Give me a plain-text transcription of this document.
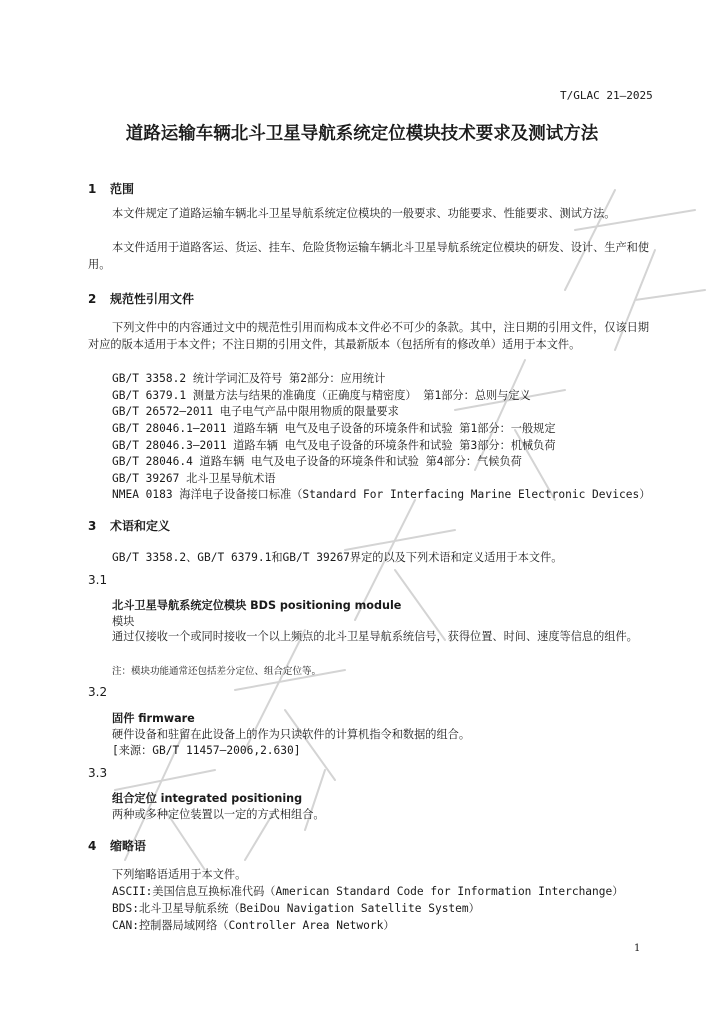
T/GLAC 21—2025
道路运输车辆北斗卫星导航系统定位模块技术要求及测试方法
1 范围
本文件规定了道路运输车辆北斗卫星导航系统定位模块的一般要求、功能要求、性能要求、测试方法。
本文件适用于道路客运、货运、挂车、危险货物运输车辆北斗卫星导航系统定位模块的研发、设计、生产和使用。
2 规范性引用文件
下列文件中的内容通过文中的规范性引用而构成本文件必不可少的条款。其中，注日期的引用文件，仅该日期对应的版本适用于本文件；不注日期的引用文件，其最新版本（包括所有的修改单）适用于本文件。
GB/T 3358.2 统计学词汇及符号 第2部分：应用统计
GB/T 6379.1 测量方法与结果的准确度（正确度与精密度） 第1部分：总则与定义
GB/T 26572—2011 电子电气产品中限用物质的限量要求
GB/T 28046.1—2011 道路车辆 电气及电子设备的环境条件和试验 第1部分：一般规定
GB/T 28046.3—2011 道路车辆 电气及电子设备的环境条件和试验 第3部分：机械负荷
GB/T 28046.4 道路车辆 电气及电子设备的环境条件和试验 第4部分：气候负荷
GB/T 39267 北斗卫星导航术语
NMEA 0183 海洋电子设备接口标准（Standard For Interfacing Marine Electronic Devices）
3 术语和定义
GB/T 3358.2、GB/T 6379.1和GB/T 39267界定的以及下列术语和定义适用于本文件。
3.1
北斗卫星导航系统定位模块 BDS positioning module
模块
通过仅接收一个或同时接收一个以上频点的北斗卫星导航系统信号，获得位置、时间、速度等信息的组件。
注：模块功能通常还包括差分定位、组合定位等。
3.2
固件 firmware
硬件设备和驻留在此设备上的作为只读软件的计算机指令和数据的组合。
[来源：GB/T 11457—2006,2.630]
3.3
组合定位 integrated positioning
两种或多种定位装置以一定的方式相组合。
4 缩略语
下列缩略语适用于本文件。
ASCII:美国信息互换标准代码（American Standard Code for Information Interchange）
BDS:北斗卫星导航系统（BeiDou Navigation Satellite System）
CAN:控制器局域网络（Controller Area Network）
1
